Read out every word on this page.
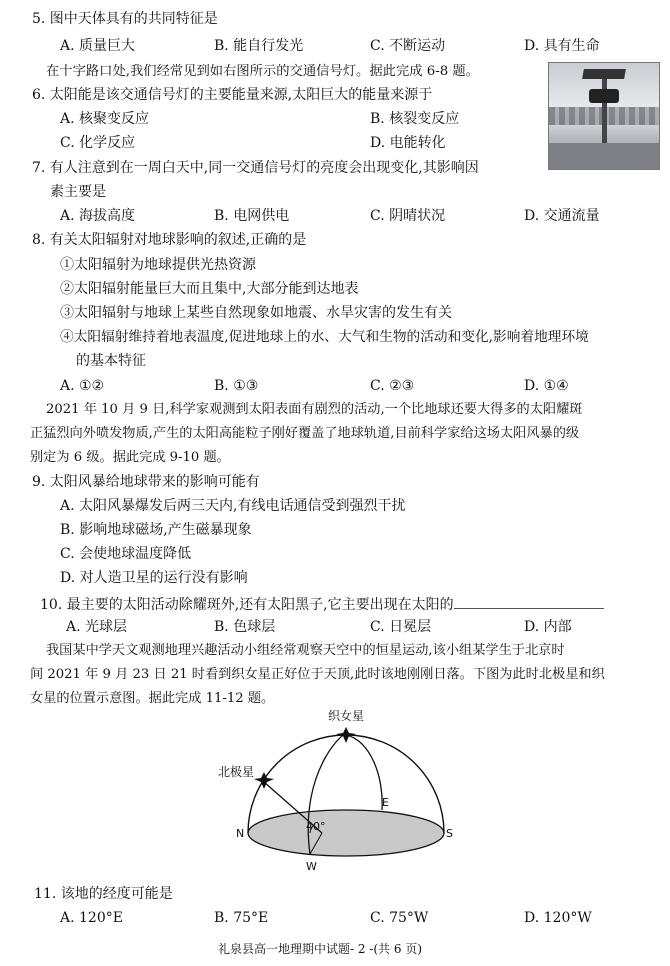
5. 图中天体具有的共同特征是
A. 质量巨大	B. 能自行发光	C. 不断运动	D. 具有生命
在十字路口处,我们经常见到如右图所示的交通信号灯。据此完成 6-8 题。
6. 太阳能是该交通信号灯的主要能量来源,太阳巨大的能量来源于
A. 核聚变反应	B. 核裂变反应
C. 化学反应	D. 电能转化
7. 有人注意到在一周白天中,同一交通信号灯的亮度会出现变化,其影响因
素主要是
A. 海拔高度	B. 电网供电	C. 阴晴状况	D. 交通流量
8. 有关太阳辐射对地球影响的叙述,正确的是
①太阳辐射为地球提供光热资源
②太阳辐射能量巨大而且集中,大部分能到达地表
③太阳辐射与地球上某些自然现象如地震、水旱灾害的发生有关
④太阳辐射维持着地表温度,促进地球上的水、大气和生物的活动和变化,影响着地理环境
的基本特征
A. ①②	B. ①③	C. ②③	D. ①④
2021 年 10 月 9 日,科学家观测到太阳表面有剧烈的活动,一个比地球还要大得多的太阳耀斑
正猛烈向外喷发物质,产生的太阳高能粒子刚好覆盖了地球轨道,目前科学家给这场太阳风暴的级
别定为 6 级。据此完成 9-10 题。
9. 太阳风暴给地球带来的影响可能有
A. 太阳风暴爆发后两三天内,有线电话通信受到强烈干扰
B. 影响地球磁场,产生磁暴现象
C. 会使地球温度降低
D. 对人造卫星的运行没有影响
10. 最主要的太阳活动除耀斑外,还有太阳黑子,它主要出现在太阳的
A. 光球层	B. 色球层	C. 日冕层	D. 内部
我国某中学天文观测地理兴趣活动小组经常观察天空中的恒星运动,该小组某学生于北京时
间 2021 年 9 月 23 日 21 时看到织女星正好位于天顶,此时该地刚刚日落。下图为此时北极星和织
女星的位置示意图。据此完成 11-12 题。
织女星
北极星
N	S
E
W
40°
11. 该地的经度可能是
A. 120°E	B. 75°E	C. 75°W	D. 120°W
礼泉县高一地理期中试题- 2 -(共 6 页)
